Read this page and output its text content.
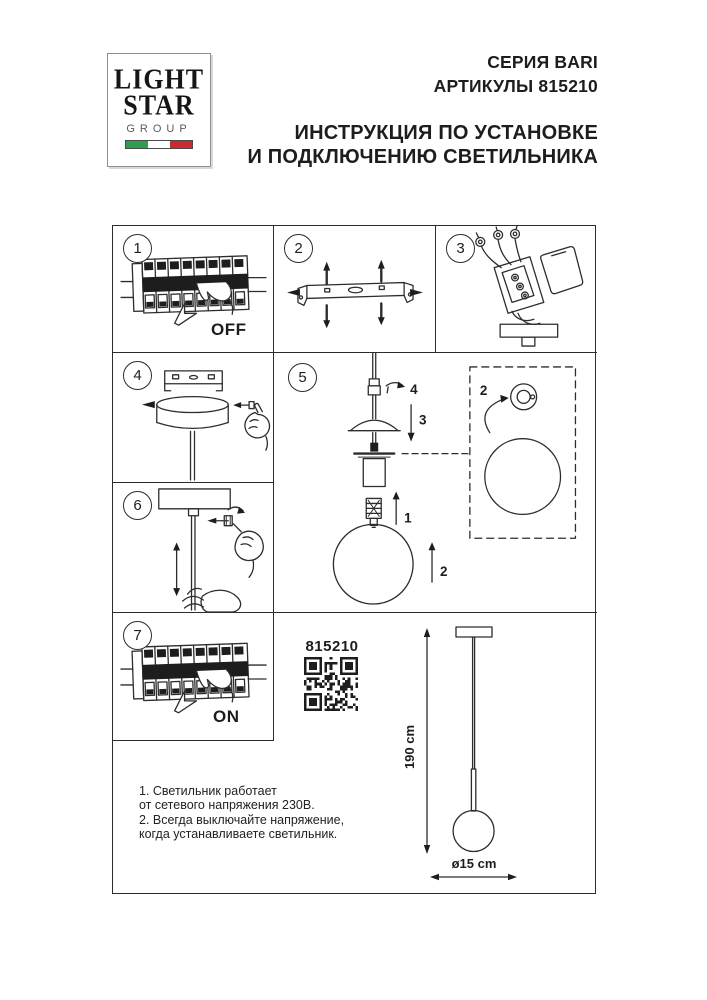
LIGHT
STAR
GROUP
СЕРИЯ BARI
АРТИКУЛЫ 815210
ИНСТРУКЦИЯ ПО УСТАНОВКЕ
И ПОДКЛЮЧЕНИЮ СВЕТИЛЬНИКА
1
OFF
2	3
4	5
4
3
1
2
2
6
7
ON
815210
1. Светильник работает
от сетевого напряжения 230В.
2. Всегда выключайте напряжение,
когда устанавливаете светильник.
190 cm
ø15 cm
